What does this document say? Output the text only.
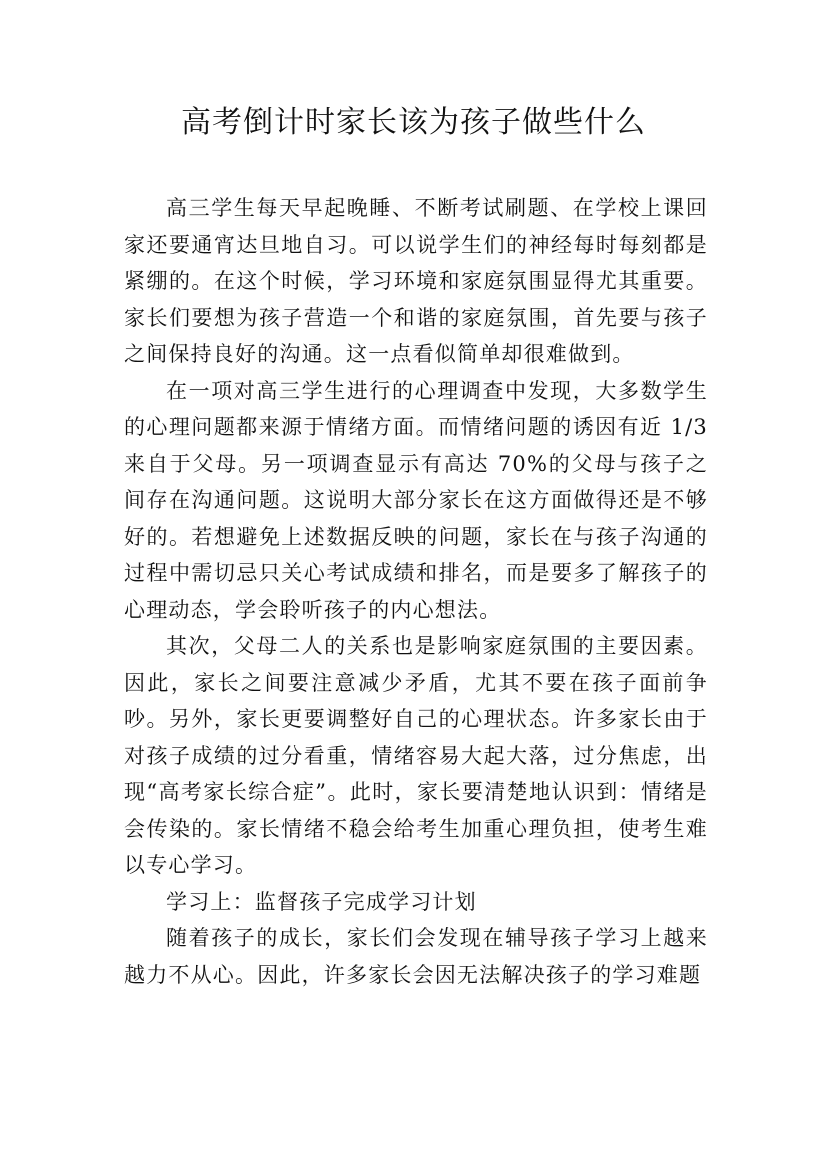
高考倒计时家长该为孩子做些什么

高三学生每天早起晚睡、不断考试刷题、在学校上课回家还要通宵达旦地自习。可以说学生们的神经每时每刻都是紧绷的。在这个时候，学习环境和家庭氛围显得尤其重要。家长们要想为孩子营造一个和谐的家庭氛围，首先要与孩子之间保持良好的沟通。这一点看似简单却很难做到。

在一项对高三学生进行的心理调查中发现，大多数学生的心理问题都来源于情绪方面。而情绪问题的诱因有近 1/3来自于父母。另一项调查显示有高达 70%的父母与孩子之间存在沟通问题。这说明大部分家长在这方面做得还是不够好的。若想避免上述数据反映的问题，家长在与孩子沟通的过程中需切忌只关心考试成绩和排名，而是要多了解孩子的心理动态，学会聆听孩子的内心想法。

其次，父母二人的关系也是影响家庭氛围的主要因素。因此，家长之间要注意减少矛盾，尤其不要在孩子面前争吵。另外，家长更要调整好自己的心理状态。许多家长由于对孩子成绩的过分看重，情绪容易大起大落，过分焦虑，出现“高考家长综合症”。此时，家长要清楚地认识到：情绪是会传染的。家长情绪不稳会给考生加重心理负担，使考生难以专心学习。

学习上：监督孩子完成学习计划

随着孩子的成长，家长们会发现在辅导孩子学习上越来越力不从心。因此，许多家长会因无法解决孩子的学习难题
